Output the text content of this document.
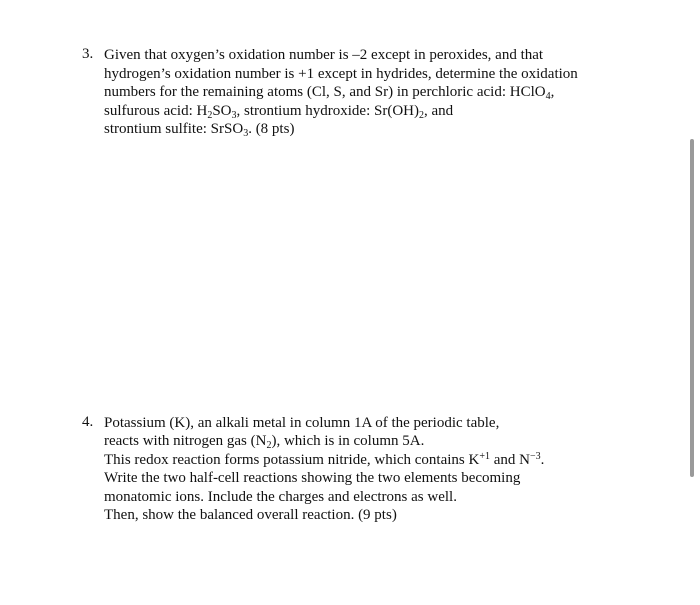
3. Given that oxygen’s oxidation number is –2 except in peroxides, and that
hydrogen’s oxidation number is +1 except in hydrides, determine the oxidation
numbers for the remaining atoms (Cl, S, and Sr) in perchloric acid: HClO$_4$,
sulfurous acid: $H_2SO_3$, strontium hydroxide: $Sr(OH)_2$, and
strontium sulfite: SrSO$_3$. (8 pts)
4. Potassium (K), an alkali metal in column 1A of the periodic table,
reacts with nitrogen gas $(N_2)$, which is in column 5A.
This redox reaction forms potassium nitride, which contains $K^{+1}$ and $N^{-3}$.
Write the two half-cell reactions showing the two elements becoming
monatomic ions. Include the charges and electrons as well.
Then, show the balanced overall reaction. (9 pts)
